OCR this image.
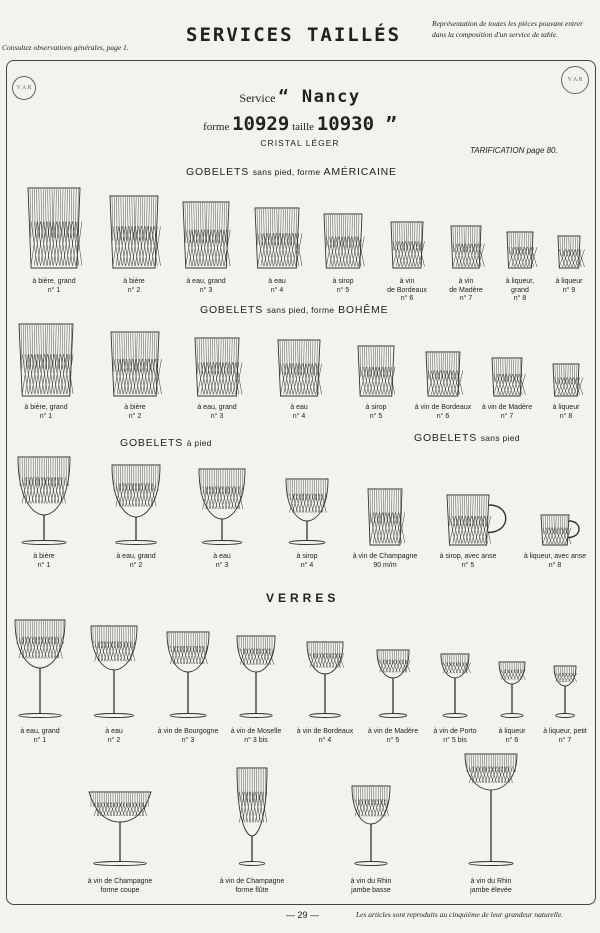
Consultez observations générales, page 1.
SERVICES TAILLÉS
Représentation de toutes les pièces pouvant entrer dans la composition d'un service de table.
V A R
V A R
Service “ Nancy
forme 10929 taille 10930 ”
CRISTAL LÉGER
TARIFICATION page 80.
GOBELETS sans pied, forme AMÉRICAINE
GOBELETS sans pied, forme BOHÊME
GOBELETS à pied	GOBELETS sans pied
VERRES
à bière, grand
n° 1
à bière
n° 2
à eau, grand
n° 3
à eau
n° 4
à sirop
n° 5
à vin
de Bordeaux
n° 6
à vin
de Madère
n° 7
à liqueur,
grand
n° 8
à liqueur
n° 9
à bière, grand
n° 1
à bière
n° 2
à eau, grand
n° 3
à eau
n° 4
à sirop
n° 5
à vin de Bordeaux
n° 6
à vin de Madère
n° 7
à liqueur
n° 8
à bière
n° 1
à eau, grand
n° 2
à eau
n° 3
à sirop
n° 4
à vin de Champagne
90 m/m
à sirop, avec anse
n° 5
à liqueur, avec anse
n° 8
à eau, grand
n° 1
à eau
n° 2
à vin de Bourgogne
n° 3
à vin de Moselle
n° 3 bis
à vin de Bordeaux
n° 4
à vin de Madère
n° 5
à vin de Porto
n° 5 bis
à liqueur
n° 6
à liqueur, petit
n° 7
à vin de Champagne
forme coupe
à vin de Champagne
forme flûte
à vin du Rhin
jambe basse
à vin du Rhin
jambe élevée
— 29 —	Les articles sont reproduits au cinquième de leur grandeur naturelle.
